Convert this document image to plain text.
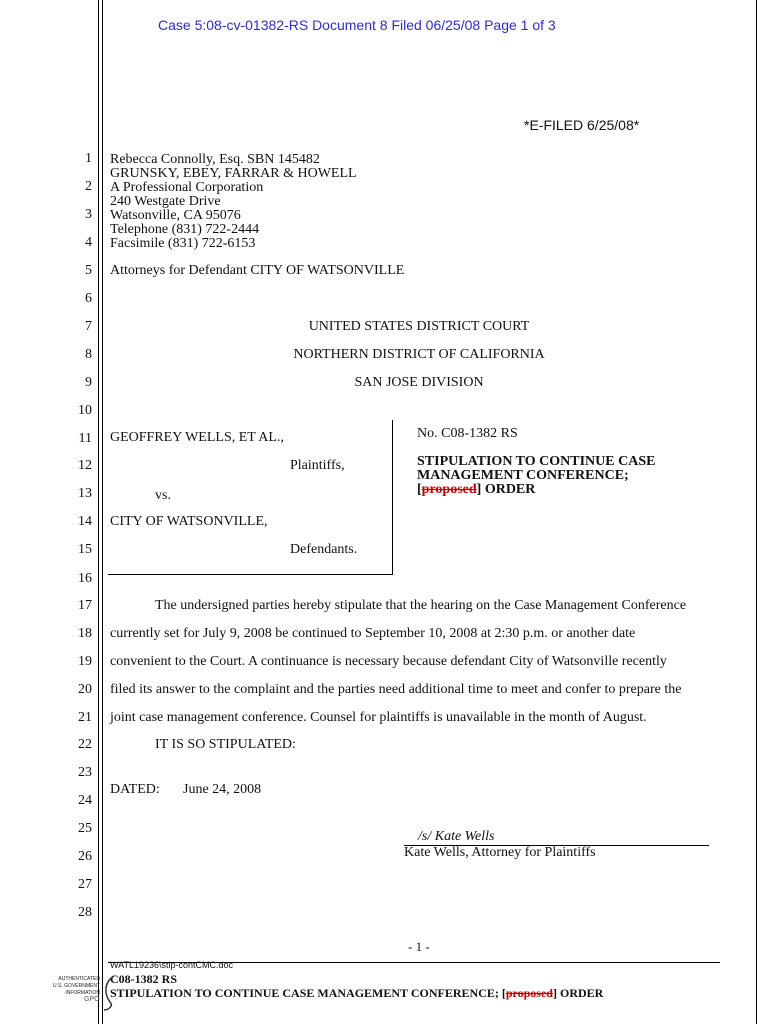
Case 5:08-cv-01382-RS Document 8 Filed 06/25/08 Page 1 of 3
*E-FILED 6/25/08*
1
2
3
4
5
6
7
8
9
10
11
12
13
14
15
16
17
18
19
20
21
22
23
24
25
26
27
28
Rebecca Connolly, Esq. SBN 145482
GRUNSKY, EBEY, FARRAR & HOWELL
A Professional Corporation
240 Westgate Drive
Watsonville, CA 95076
Telephone (831) 722-2444
Facsimile (831) 722-6153
Attorneys for Defendant CITY OF WATSONVILLE
UNITED STATES DISTRICT COURT
NORTHERN DISTRICT OF CALIFORNIA
SAN JOSE DIVISION
GEOFFREY WELLS, ET AL.,
Plaintiffs,
vs.
CITY OF WATSONVILLE,
Defendants.
No. C08-1382 RS
STIPULATION TO CONTINUE CASE
MANAGEMENT CONFERENCE;
[proposed] ORDER
The undersigned parties hereby stipulate that the hearing on the Case Management Conference
currently set for July 9, 2008 be continued to September 10, 2008 at 2:30 p.m. or another date
convenient to the Court. A continuance is necessary because defendant City of Watsonville recently
filed its answer to the complaint and the parties need additional time to meet and confer to prepare the
joint case management conference. Counsel for plaintiffs is unavailable in the month of August.
IT IS SO STIPULATED:
DATED: June 24, 2008
/s/ Kate Wells
Kate Wells, Attorney for Plaintiffs
- 1 -
WATL19236\stip-contCMC.doc
C08-1382 RS
STIPULATION TO CONTINUE CASE MANAGEMENT CONFERENCE; [proposed] ORDER
AUTHENTICATED
U.S. GOVERNMENT
INFORMATION
GPO
